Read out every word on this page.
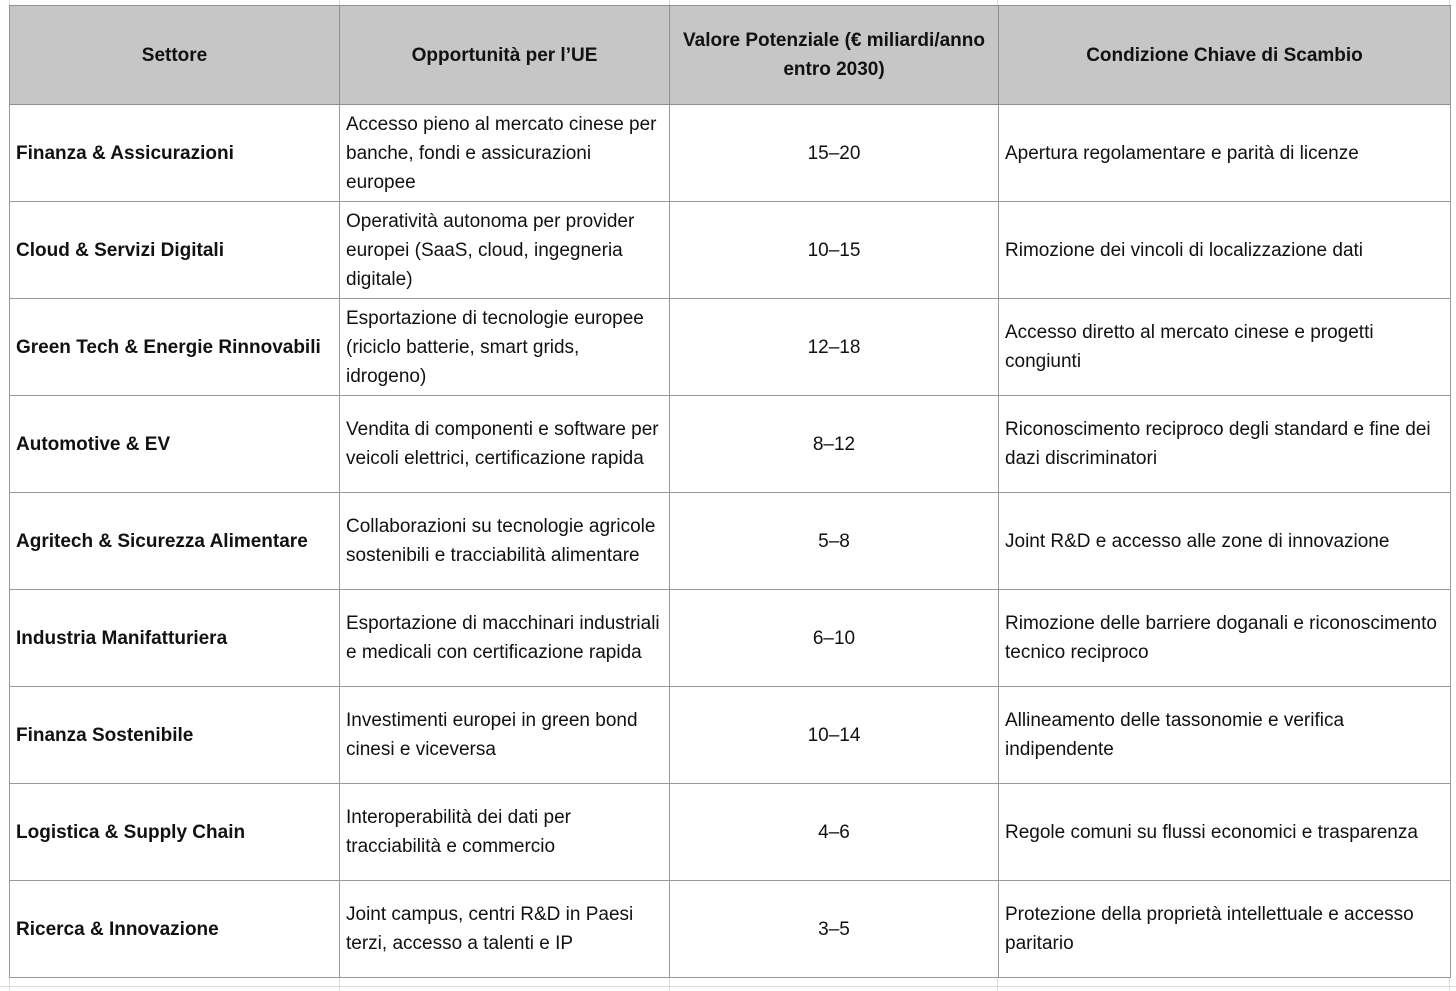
Settore	Opportunità per l’UE	Valore Potenziale (€ miliardi/anno entro 2030)	Condizione Chiave di Scambio
Finanza & Assicurazioni	Accesso pieno al mercato cinese per banche, fondi e assicurazioni europee	15–20	Apertura regolamentare e parità di licenze
Cloud & Servizi Digitali	Operatività autonoma per provider europei (SaaS, cloud, ingegneria digitale)	10–15	Rimozione dei vincoli di localizzazione dati
Green Tech & Energie Rinnovabili	Esportazione di tecnologie europee (riciclo batterie, smart grids, idrogeno)	12–18	Accesso diretto al mercato cinese e progetti congiunti
Automotive & EV	Vendita di componenti e software per veicoli elettrici, certificazione rapida	8–12	Riconoscimento reciproco degli standard e fine dei dazi discriminatori
Agritech & Sicurezza Alimentare	Collaborazioni su tecnologie agricole sostenibili e tracciabilità alimentare	5–8	Joint R&D e accesso alle zone di innovazione
Industria Manifatturiera	Esportazione di macchinari industriali e medicali con certificazione rapida	6–10	Rimozione delle barriere doganali e riconoscimento tecnico reciproco
Finanza Sostenibile	Investimenti europei in green bond cinesi e viceversa	10–14	Allineamento delle tassonomie e verifica indipendente
Logistica & Supply Chain	Interoperabilità dei dati per tracciabilità e commercio	4–6	Regole comuni su flussi economici e trasparenza
Ricerca & Innovazione	Joint campus, centri R&D in Paesi terzi, accesso a talenti e IP	3–5	Protezione della proprietà intellettuale e accesso paritario
